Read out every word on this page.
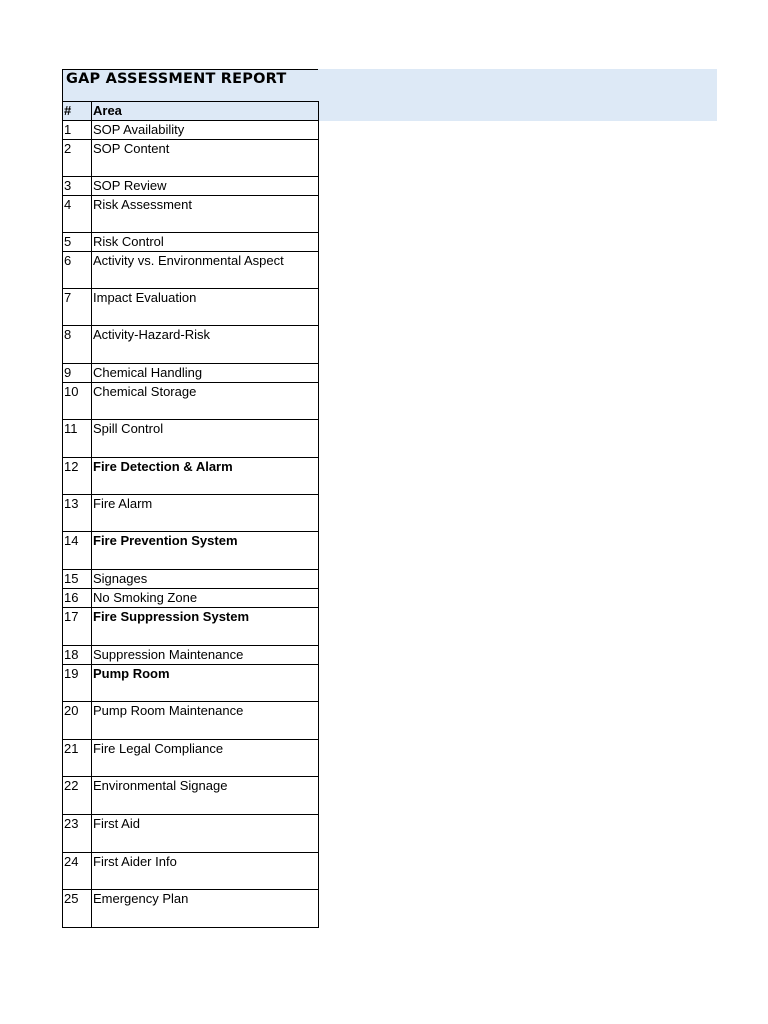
GAP ASSESSMENT REPORT
#	Area
1	SOP Availability
2	SOP Content
3	SOP Review
4	Risk Assessment
5	Risk Control
6	Activity vs. Environmental Aspect
7	Impact Evaluation
8	Activity-Hazard-Risk
9	Chemical Handling
10	Chemical Storage
11	Spill Control
12	Fire Detection & Alarm
13	Fire Alarm
14	Fire Prevention System
15	Signages
16	No Smoking Zone
17	Fire Suppression System
18	Suppression Maintenance
19	Pump Room
20	Pump Room Maintenance
21	Fire Legal Compliance
22	Environmental Signage
23	First Aid
24	First Aider Info
25	Emergency Plan
